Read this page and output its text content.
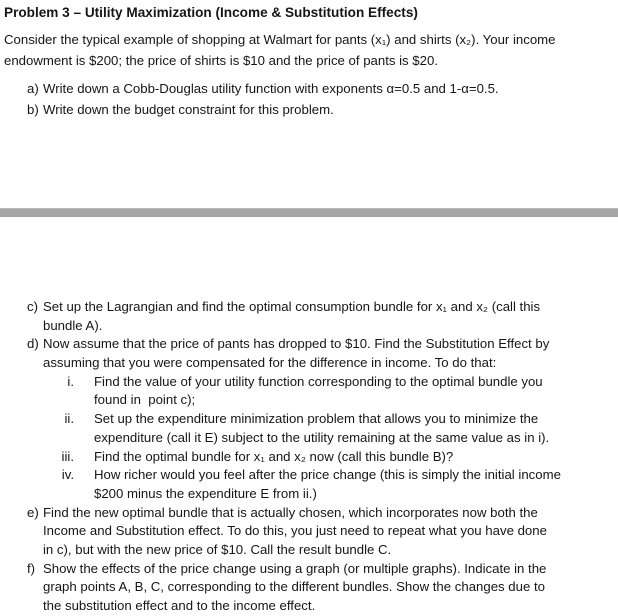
Problem 3 – Utility Maximization (Income & Substitution Effects)
Consider the typical example of shopping at Walmart for pants (x₁) and shirts (x₂). Your income
endowment is $200; the price of shirts is $10 and the price of pants is $20.

a)

Write down a Cobb-Douglas utility function with exponents α=0.5 and 1-α=0.5.

b)

Write down the budget constraint for this problem.

c)

Set up the Lagrangian and find the optimal consumption bundle for x₁ and x₂ (call this

bundle A).

d)

Now assume that the price of pants has dropped to $10. Find the Substitution Effect by

assuming that you were compensated for the difference in income. To do that:

i.

Find the value of your utility function corresponding to the optimal bundle you

found in  point c);

ii.

Set up the expenditure minimization problem that allows you to minimize the

expenditure (call it E) subject to the utility remaining at the same value as in i).

iii.

Find the optimal bundle for x₁ and x₂ now (call this bundle B)?

iv.

How richer would you feel after the price change (this is simply the initial income

$200 minus the expenditure E from ii.)

e)

Find the new optimal bundle that is actually chosen, which incorporates now both the

Income and Substitution effect. To do this, you just need to repeat what you have done

in c), but with the new price of $10. Call the result bundle C.

f)

Show the effects of the price change using a graph (or multiple graphs). Indicate in the

graph points A, B, C, corresponding to the different bundles. Show the changes due to

the substitution effect and to the income effect.
